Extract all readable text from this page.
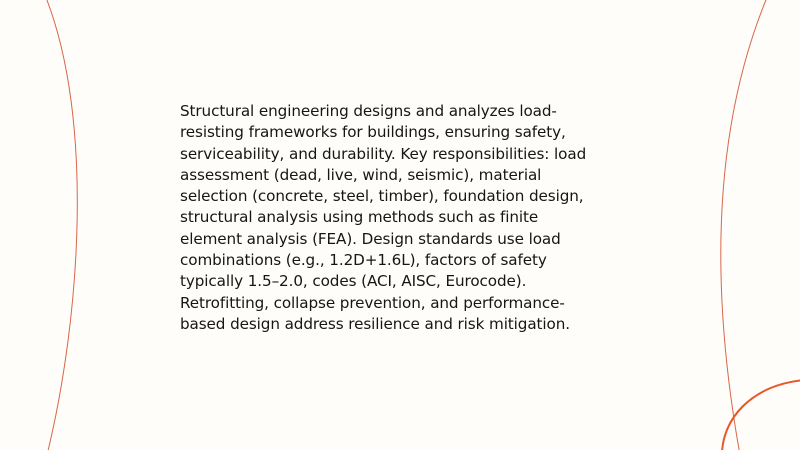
Structural engineering designs and analyzes load-
resisting frameworks for buildings, ensuring safety,
serviceability, and durability. Key responsibilities: load
assessment (dead, live, wind, seismic), material
selection (concrete, steel, timber), foundation design,
structural analysis using methods such as finite
element analysis (FEA). Design standards use load
combinations (e.g., 1.2D+1.6L), factors of safety
typically 1.5–2.0, codes (ACI, AISC, Eurocode).
Retrofitting, collapse prevention, and performance-
based design address resilience and risk mitigation.
